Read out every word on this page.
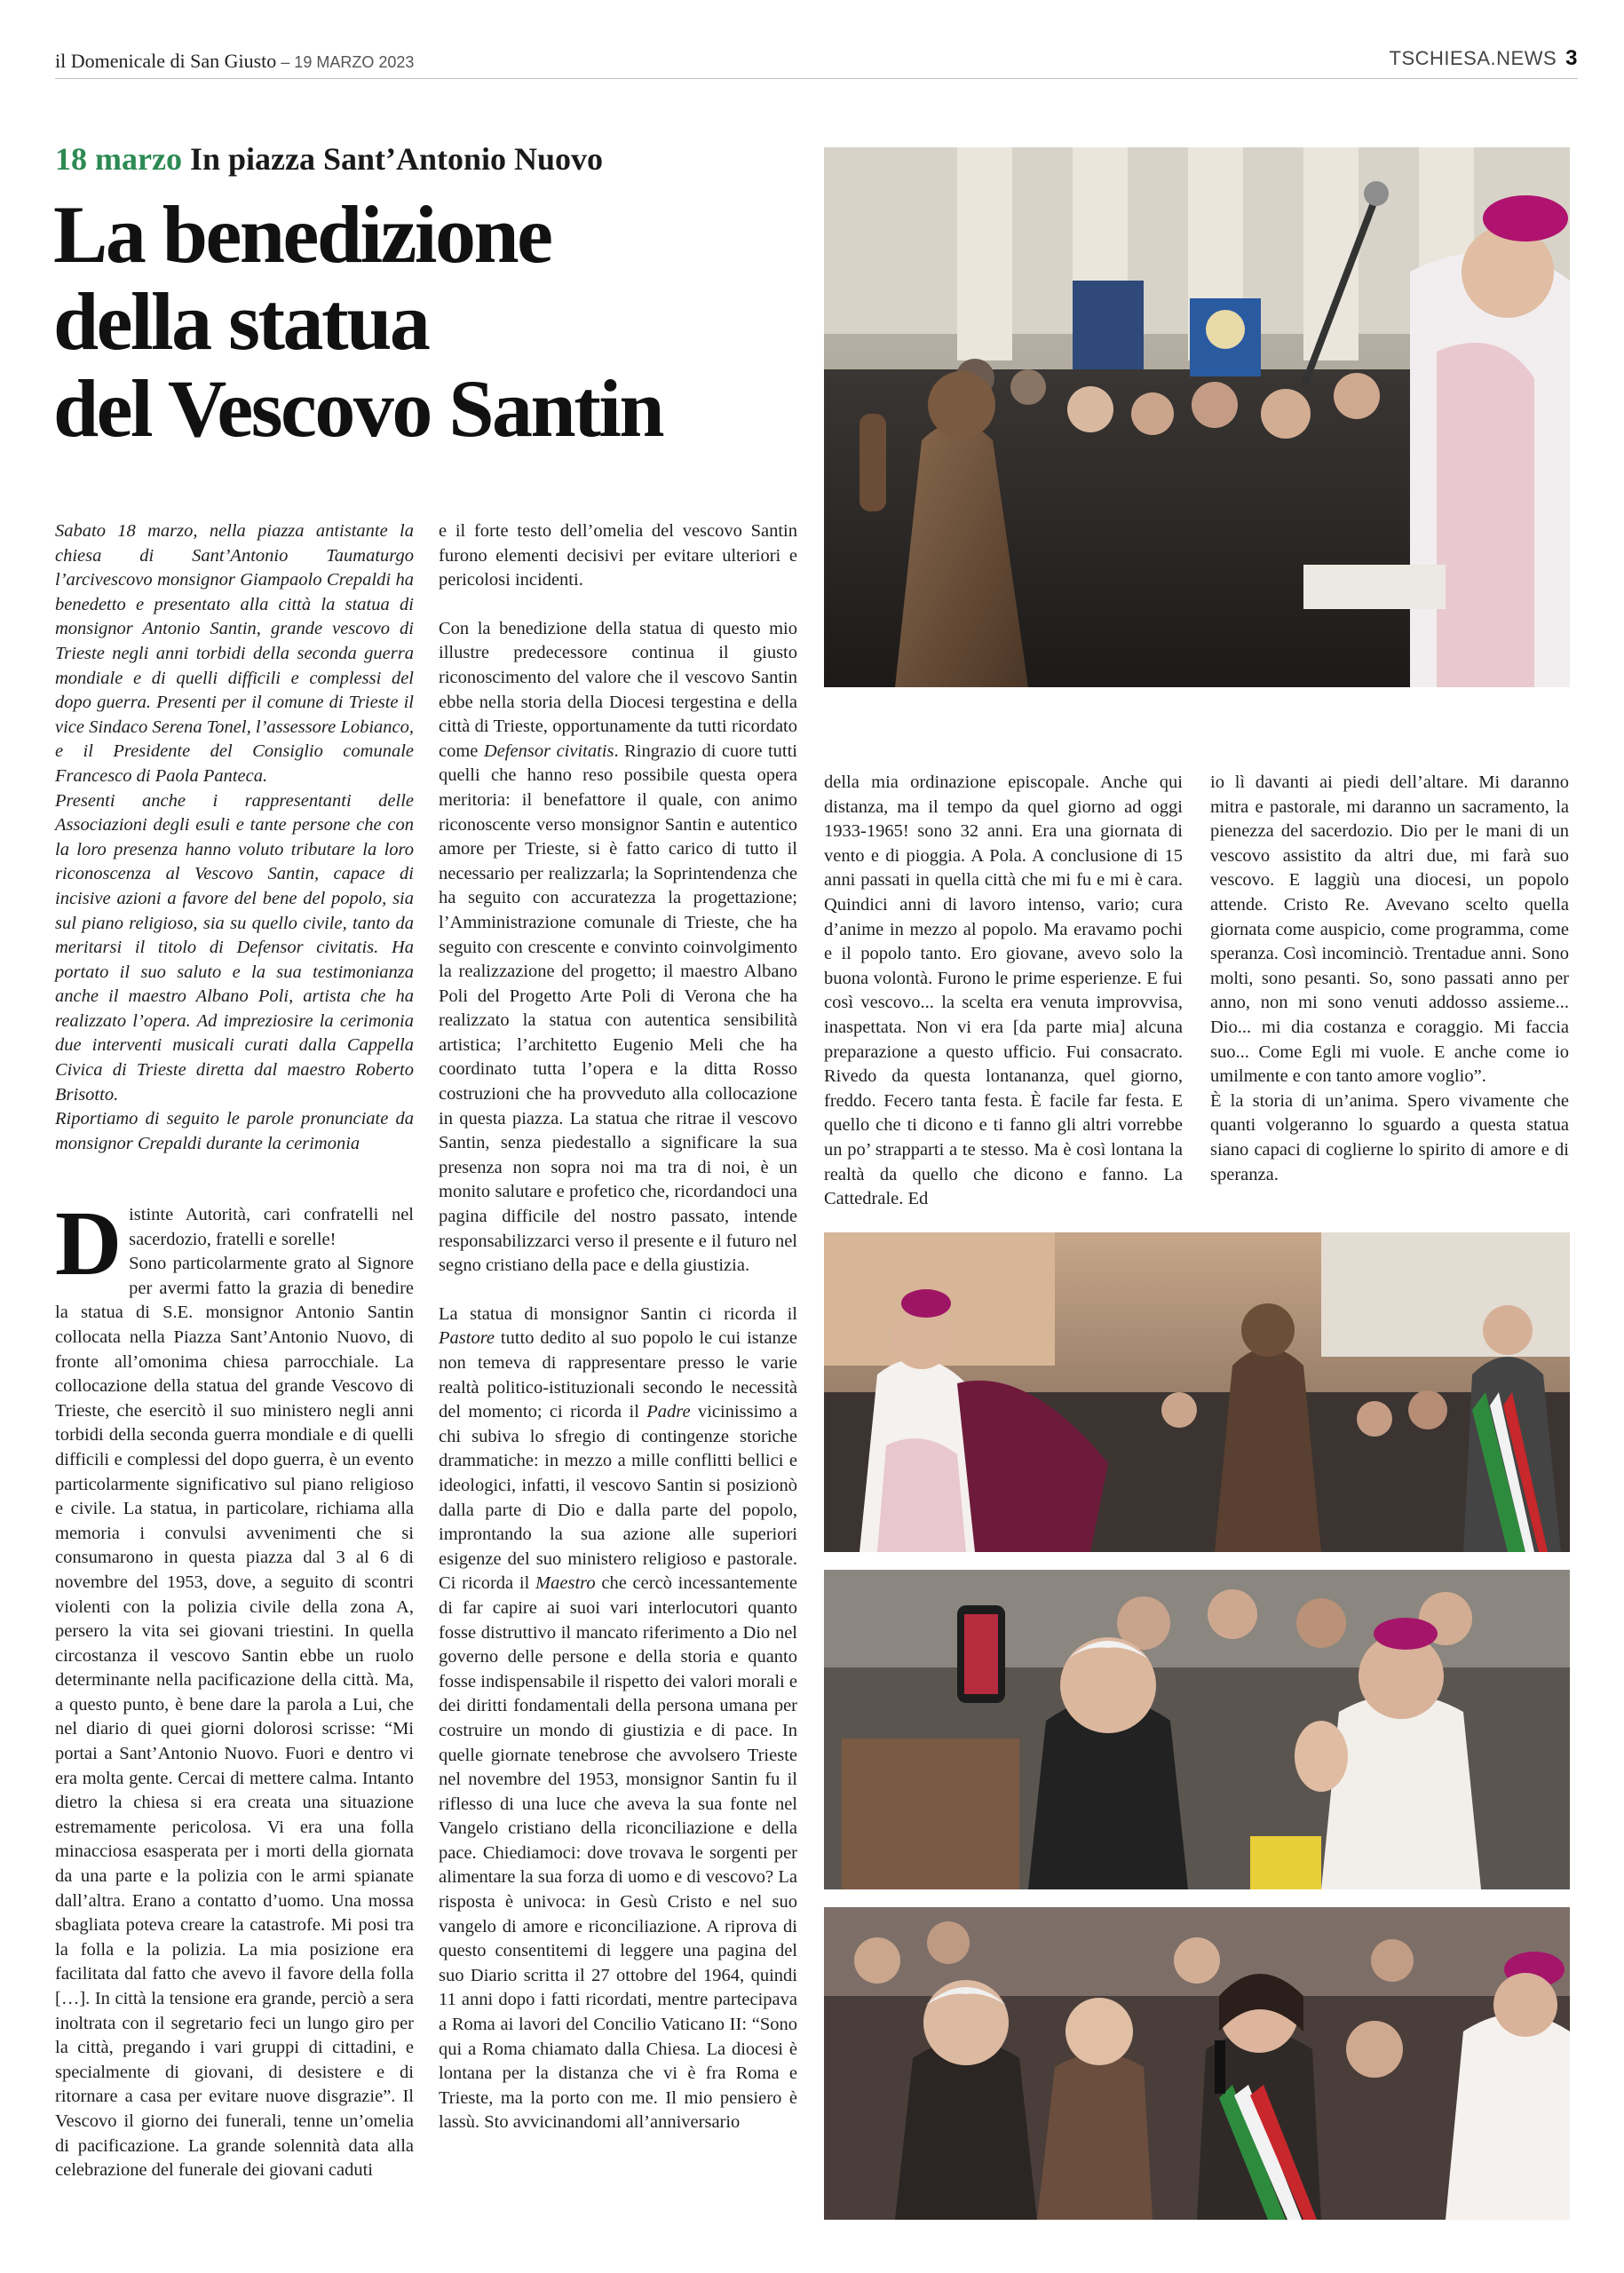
il Domenicale di San Giusto – 19 MARZO 2023	TSCHIESA.NEWS 3
18 marzo In piazza Sant’Antonio Nuovo
La benedizione
della statua
del Vescovo Santin

Sabato 18 marzo, nella piazza antistante la chiesa di Sant’Antonio Taumaturgo l’arcivescovo monsignor Giampaolo Crepaldi ha benedetto e presentato alla città la statua di monsignor Antonio Santin, grande vescovo di Trieste negli anni torbidi della seconda guerra mondiale e di quelli difficili e complessi del dopo guerra. Presenti per il comune di Trieste il vice Sindaco Serena Tonel, l’assessore Lobianco, e il Presidente del Consiglio comunale Francesco di Paola Panteca.

Presenti anche i rappresentanti delle Associazioni degli esuli e tante persone che con la loro presenza hanno voluto tributare la loro riconoscenza al Vescovo Santin, capace di incisive azioni a favore del bene del popolo, sia sul piano religioso, sia su quello civile, tanto da meritarsi il titolo di Defensor civitatis. Ha portato il suo saluto e la sua testimonianza anche il maestro Albano Poli, artista che ha realizzato l’opera. Ad impreziosire la cerimonia due interventi musicali curati dalla Cappella Civica di Trieste diretta dal maestro Roberto Brisotto.

Riportiamo di seguito le parole pronunciate da monsignor Crepaldi durante la cerimonia

D istinte Autorità, cari confratelli nel sacerdozio, fratelli e sorelle!

Sono particolarmente grato al Signore per avermi fatto la grazia di benedire la statua di S.E. monsignor Antonio Santin collocata nella Piazza Sant’Antonio Nuovo, di fronte all’omonima chiesa parrocchiale. La collocazione della statua del grande Vescovo di Trieste, che esercitò il suo ministero negli anni torbidi della seconda guerra mondiale e di quelli difficili e complessi del dopo guerra, è un evento particolarmente significativo sul piano religioso e civile. La statua, in particolare, richiama alla memoria i convulsi avvenimenti che si consumarono in questa piazza dal 3 al 6 di novembre del 1953, dove, a seguito di scontri violenti con la polizia civile della zona A, persero la vita sei giovani triestini. In quella circostanza il vescovo Santin ebbe un ruolo determinante nella pacificazione della città. Ma, a questo punto, è bene dare la parola a Lui, che nel diario di quei giorni dolorosi scrisse: “Mi portai a Sant’Antonio Nuovo. Fuori e dentro vi era molta gente. Cercai di mettere calma. Intanto dietro la chiesa si era creata una situazione estremamente pericolosa. Vi era una folla minacciosa esasperata per i morti della giornata da una parte e la polizia con le armi spianate dall’altra. Erano a contatto d’uomo. Una mossa sbagliata poteva creare la catastrofe. Mi posi tra la folla e la polizia. La mia posizione era facilitata dal fatto che avevo il favore della folla […]. In città la tensione era grande, perciò a sera inoltrata con il segretario feci un lungo giro per la città, pregando i vari gruppi di cittadini, e specialmente di giovani, di desistere e di ritornare a casa per evitare nuove disgrazie”. Il Vescovo il giorno dei funerali, tenne un’omelia di pacificazione. La grande solennità data alla celebrazione del funerale dei giovani caduti

e il forte testo dell’omelia del vescovo Santin furono elementi decisivi per evitare ulteriori e pericolosi incidenti.

Con la benedizione della statua di questo mio illustre predecessore continua il giusto riconoscimento del valore che il vescovo Santin ebbe nella storia della Diocesi tergestina e della città di Trieste, opportunamente da tutti ricordato come Defensor civitatis. Ringrazio di cuore tutti quelli che hanno reso possibile questa opera meritoria: il benefattore il quale, con animo riconoscente verso monsignor Santin e autentico amore per Trieste, si è fatto carico di tutto il necessario per realizzarla; la Soprintendenza che ha seguito con accuratezza la progettazione; l’Amministrazione comunale di Trieste, che ha seguito con crescente e convinto coinvolgimento la realizzazione del progetto; il maestro Albano Poli del Progetto Arte Poli di Verona che ha realizzato la statua con autentica sensibilità artistica; l’architetto Eugenio Meli che ha coordinato tutta l’opera e la ditta Rosso costruzioni che ha provveduto alla collocazione in questa piazza. La statua che ritrae il vescovo Santin, senza piedestallo a significare la sua presenza non sopra noi ma tra di noi, è un monito salutare e profetico che, ricordandoci una pagina difficile del nostro passato, intende responsabilizzarci verso il presente e il futuro nel segno cristiano della pace e della giustizia.

La statua di monsignor Santin ci ricorda il Pastore tutto dedito al suo popolo le cui istanze non temeva di rappresentare presso le varie realtà politico-istituzionali secondo le necessità del momento; ci ricorda il Padre vicinissimo a chi subiva lo sfregio di contingenze storiche drammatiche: in mezzo a mille conflitti bellici e ideologici, infatti, il vescovo Santin si posizionò dalla parte di Dio e dalla parte del popolo, improntando la sua azione alle superiori esigenze del suo ministero religioso e pastorale. Ci ricorda il Maestro che cercò incessantemente di far capire ai suoi vari interlocutori quanto fosse distruttivo il mancato riferimento a Dio nel governo delle persone e della storia e quanto fosse indispensabile il rispetto dei valori morali e dei diritti fondamentali della persona umana per costruire un mondo di giustizia e di pace. In quelle giornate tenebrose che avvolsero Trieste nel novembre del 1953, monsignor Santin fu il riflesso di una luce che aveva la sua fonte nel Vangelo cristiano della riconciliazione e della pace. Chiediamoci: dove trovava le sorgenti per alimentare la sua forza di uomo e di vescovo? La risposta è univoca: in Gesù Cristo e nel suo vangelo di amore e riconciliazione. A riprova di questo consentitemi di leggere una pagina del suo Diario scritta il 27 ottobre del 1964, quindi 11 anni dopo i fatti ricordati, mentre partecipava a Roma ai lavori del Concilio Vaticano II: “Sono qui a Roma chiamato dalla Chiesa. La diocesi è lontana per la distanza che vi è fra Roma e Trieste, ma la porto con me. Il mio pensiero è lassù. Sto avvicinandomi all’anniversario

della mia ordinazione episcopale. Anche qui distanza, ma il tempo da quel giorno ad oggi 1933-1965! sono 32 anni. Era una giornata di vento e di pioggia. A Pola. A conclusione di 15 anni passati in quella città che mi fu e mi è cara. Quindici anni di lavoro intenso, vario; cura d’anime in mezzo al popolo. Ma eravamo pochi e il popolo tanto. Ero giovane, avevo solo la buona volontà. Furono le prime esperienze. E fui così vescovo... la scelta era venuta improvvisa, inaspettata. Non vi era [da parte mia] alcuna preparazione a questo ufficio. Fui consacrato. Rivedo da questa lontananza, quel giorno, freddo. Fecero tanta festa. È facile far festa. E quello che ti dicono e ti fanno gli altri vorrebbe un po’ strapparti a te stesso. Ma è così lontana la realtà da quello che dicono e fanno. La Cattedrale. Ed

io lì davanti ai piedi dell’altare. Mi daranno mitra e pastorale, mi daranno un sacramento, la pienezza del sacerdozio. Dio per le mani di un vescovo assistito da altri due, mi farà suo vescovo. E laggiù una diocesi, un popolo attende. Cristo Re. Avevano scelto quella giornata come auspicio, come programma, come speranza. Così incominciò. Trentadue anni. Sono molti, sono pesanti. So, sono passati anno per anno, non mi sono venuti addosso assieme... Dio... mi dia costanza e coraggio. Mi faccia suo... Come Egli mi vuole. E anche come io umilmente e con tanto amore voglio”.

È la storia di un’anima. Spero vivamente che quanti volgeranno lo sguardo a questa statua siano capaci di coglierne lo spirito di amore e di speranza.
